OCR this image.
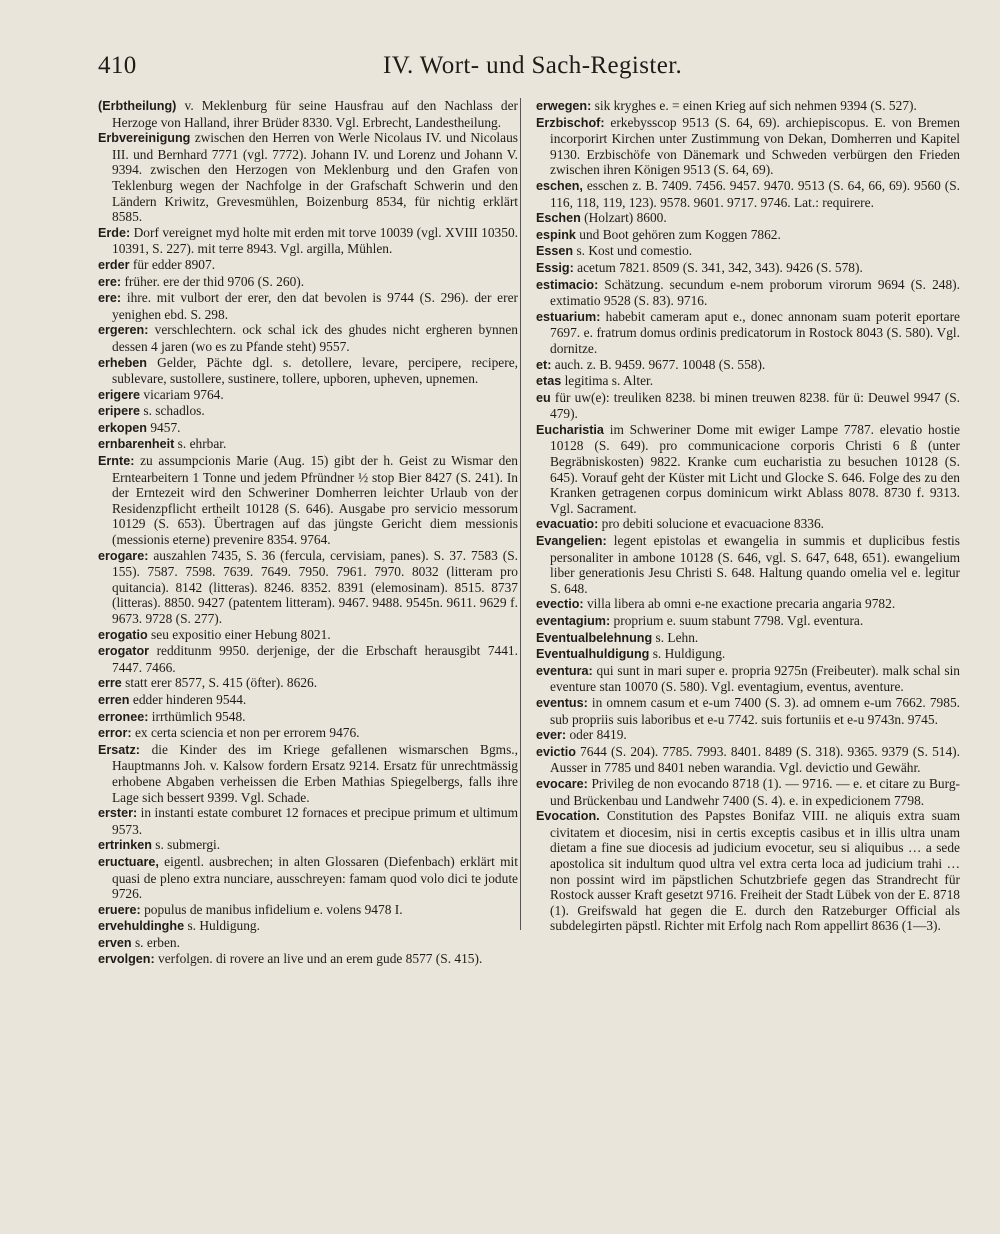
410	IV. Wort- und Sach-Register.

(Erbtheilung) v. Meklenburg für seine Hausfrau auf den Nachlass der Herzoge von Halland, ihrer Brüder 8330. Vgl. Erbrecht, Landestheilung.

Erbvereinigung zwischen den Herren von Werle Nicolaus IV. und Nicolaus III. und Bernhard 7771 (vgl. 7772). Johann IV. und Lorenz und Johann V. 9394. zwischen den Herzogen von Meklenburg und den Grafen von Teklenburg wegen der Nachfolge in der Grafschaft Schwerin und den Ländern Kriwitz, Grevesmühlen, Boizenburg 8534, für nichtig erklärt 8585.

Erde: Dorf vereignet myd holte mit erden mit torve 10039 (vgl. XVIII 10350. 10391, S. 227). mit terre 8943. Vgl. argilla, Mühlen.

erder für edder 8907.

ere: früher. ere der thid 9706 (S. 260).

ere: ihre. mit vulbort der erer, den dat bevolen is 9744 (S. 296). der erer yenighen ebd. S. 298.

ergeren: verschlechtern. ock schal ick des ghudes nicht ergheren bynnen dessen 4 jaren (wo es zu Pfande steht) 9557.

erheben Gelder, Pächte dgl. s. detollere, levare, percipere, recipere, sublevare, sustollere, sustinere, tollere, upboren, upheven, upnemen.

erigere vicariam 9764.

eripere s. schadlos.

erkopen 9457.

ernbarenheit s. ehrbar.

Ernte: zu assumpcionis Marie (Aug. 15) gibt der h. Geist zu Wismar den Erntearbeitern 1 Tonne und jedem Pfründner ½ stop Bier 8427 (S. 241). In der Erntezeit wird den Schweriner Domherren leichter Urlaub von der Residenzpflicht ertheilt 10128 (S. 646). Ausgabe pro servicio messorum 10129 (S. 653). Übertragen auf das jüngste Gericht diem messionis (messionis eterne) prevenire 8354. 9764.

erogare: auszahlen 7435, S. 36 (fercula, cervisiam, panes). S. 37. 7583 (S. 155). 7587. 7598. 7639. 7649. 7950. 7961. 7970. 8032 (litteram pro quitancia). 8142 (litteras). 8246. 8352. 8391 (elemosinam). 8515. 8737 (litteras). 8850. 9427 (patentem litteram). 9467. 9488. 9545n. 9611. 9629 f. 9673. 9728 (S. 277).

erogatio seu expositio einer Hebung 8021.

erogator redditunm 9950. derjenige, der die Erbschaft herausgibt 7441. 7447. 7466.

erre statt erer 8577, S. 415 (öfter). 8626.

erren edder hinderen 9544.

erronee: irrthümlich 9548.

error: ex certa sciencia et non per errorem 9476.

Ersatz: die Kinder des im Kriege gefallenen wismarschen Bgms., Hauptmanns Joh. v. Kalsow fordern Ersatz 9214. Ersatz für unrechtmässig erhobene Abgaben verheissen die Erben Mathias Spiegelbergs, falls ihre Lage sich bessert 9399. Vgl. Schade.

erster: in instanti estate comburet 12 fornaces et precipue primum et ultimum 9573.

ertrinken s. submergi.

eructuare, eigentl. ausbrechen; in alten Glossaren (Diefenbach) erklärt mit quasi de pleno extra nunciare, ausschreyen: famam quod volo dici te jodute 9726.

eruere: populus de manibus infidelium e. volens 9478 I.

ervehuldinghe s. Huldigung.

erven s. erben.

ervolgen: verfolgen. di rovere an live und an erem gude 8577 (S. 415).

erwegen: sik kryghes e. = einen Krieg auf sich nehmen 9394 (S. 527).

Erzbischof: erkebysscop 9513 (S. 64, 69). archiepiscopus. E. von Bremen incorporirt Kirchen unter Zustimmung von Dekan, Domherren und Kapitel 9130. Erzbischöfe von Dänemark und Schweden verbürgen den Frieden zwischen ihren Königen 9513 (S. 64, 69).

eschen, esschen z. B. 7409. 7456. 9457. 9470. 9513 (S. 64, 66, 69). 9560 (S. 116, 118, 119, 123). 9578. 9601. 9717. 9746. Lat.: requirere.

Eschen (Holzart) 8600.

espink und Boot gehören zum Koggen 7862.

Essen s. Kost und comestio.

Essig: acetum 7821. 8509 (S. 341, 342, 343). 9426 (S. 578).

estimacio: Schätzung. secundum e-nem proborum virorum 9694 (S. 248). extimatio 9528 (S. 83). 9716.

estuarium: habebit cameram aput e., donec annonam suam poterit eportare 7697. e. fratrum domus ordinis predicatorum in Rostock 8043 (S. 580). Vgl. dornitze.

et: auch. z. B. 9459. 9677. 10048 (S. 558).

etas legitima s. Alter.

eu für uw(e): treuliken 8238. bi minen treuwen 8238. für ü: Deuwel 9947 (S. 479).

Eucharistia im Schweriner Dome mit ewiger Lampe 7787. elevatio hostie 10128 (S. 649). pro communicacione corporis Christi 6 ß (unter Begräbniskosten) 9822. Kranke cum eucharistia zu besuchen 10128 (S. 645). Vorauf geht der Küster mit Licht und Glocke S. 646. Folge des zu den Kranken getragenen corpus dominicum wirkt Ablass 8078. 8730 f. 9313. Vgl. Sacrament.

evacuatio: pro debiti solucione et evacuacione 8336.

Evangelien: legent epistolas et ewangelia in summis et duplicibus festis personaliter in ambone 10128 (S. 646, vgl. S. 647, 648, 651). ewangelium liber generationis Jesu Christi S. 648. Haltung quando omelia vel e. legitur S. 648.

evectio: villa libera ab omni e-ne exactione precaria angaria 9782.

eventagium: proprium e. suum stabunt 7798. Vgl. eventura.

Eventualbelehnung s. Lehn.

Eventualhuldigung s. Huldigung.

eventura: qui sunt in mari super e. propria 9275n (Freibeuter). malk schal sin eventure stan 10070 (S. 580). Vgl. eventagium, eventus, aventure.

eventus: in omnem casum et e-um 7400 (S. 3). ad omnem e-um 7662. 7985. sub propriis suis laboribus et e-u 7742. suis fortuniis et e-u 9743n. 9745.

ever: oder 8419.

evictio 7644 (S. 204). 7785. 7993. 8401. 8489 (S. 318). 9365. 9379 (S. 514). Ausser in 7785 und 8401 neben warandia. Vgl. devictio und Gewähr.

evocare: Privileg de non evocando 8718 (1). — 9716. — e. et citare zu Burg- und Brückenbau und Landwehr 7400 (S. 4). e. in expedicionem 7798.

Evocation. Constitution des Papstes Bonifaz VIII. ne aliquis extra suam civitatem et diocesim, nisi in certis exceptis casibus et in illis ultra unam dietam a fine sue diocesis ad judicium evocetur, seu si aliquibus … a sede apostolica sit indultum quod ultra vel extra certa loca ad judicium trahi … non possint wird im päpstlichen Schutzbriefe gegen das Strandrecht für Rostock ausser Kraft gesetzt 9716. Freiheit der Stadt Lübek von der E. 8718 (1). Greifswald hat gegen die E. durch den Ratzeburger Official als subdelegirten päpstl. Richter mit Erfolg nach Rom appellirt 8636 (1—3).
